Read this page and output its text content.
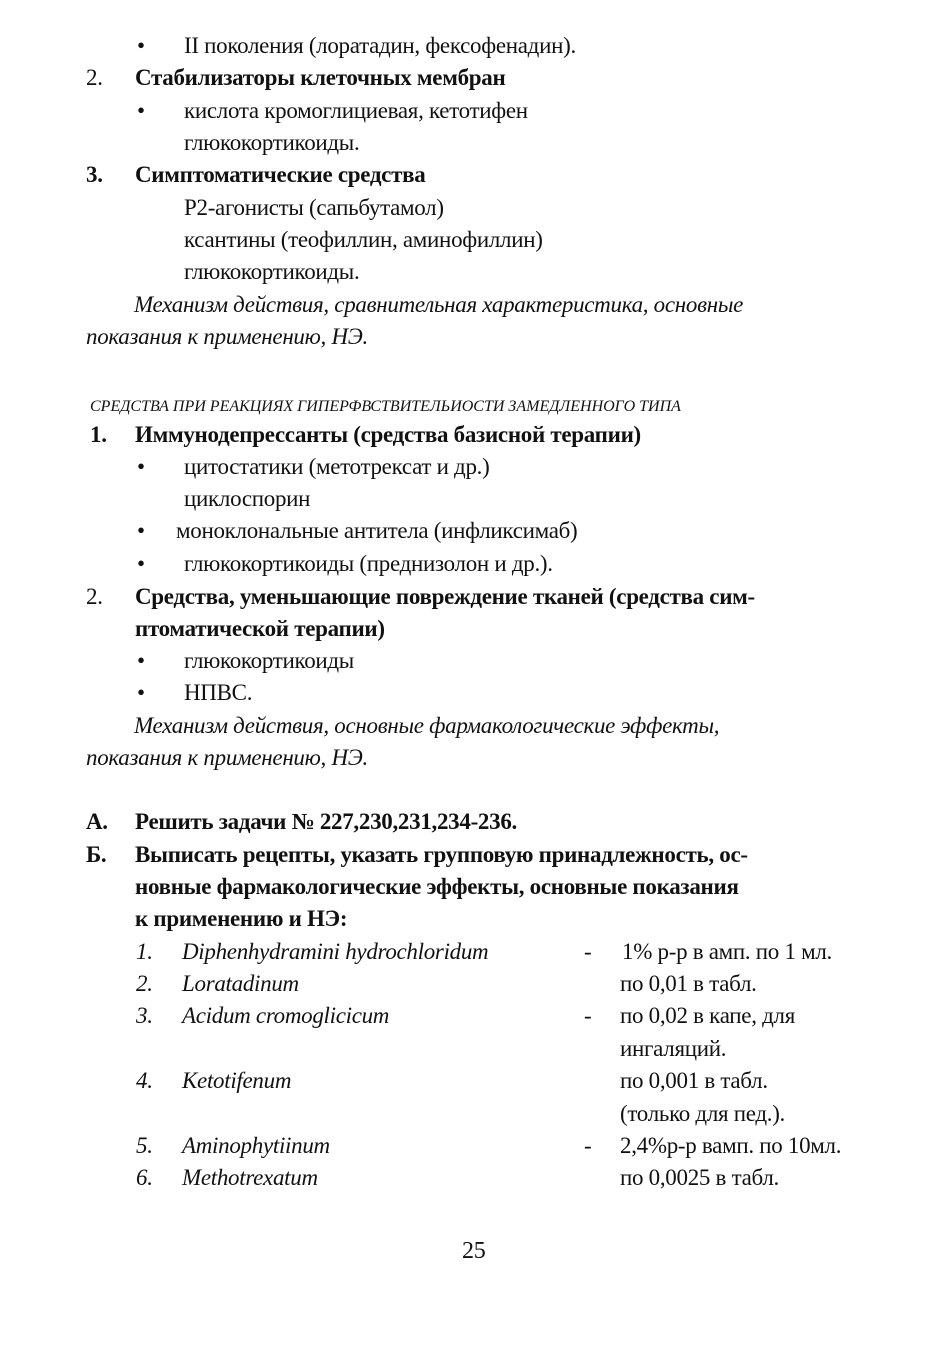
• II поколения (лоратадин, фексофенадин).
2. Стабилизаторы клеточных мембран
• кислота кромоглициевая, кетотифен
глюкокортикоиды.
3. Симптоматические средства
Р2-агонисты (сапьбутамол)
ксантины (теофиллин, аминофиллин)
глюкокортикоиды.
Механизм действия, сравнительная характеристика, основные
показания к применению, НЭ.
СРЕДСТВА ПРИ РЕАКЦИЯХ ГИПЕРФВСТВИТЕЛЬИОСТИ ЗАМЕДЛЕННОГО ТИПА
1. Иммунодепрессанты (средства базисной терапии)
• цитостатики (метотрексат и др.)
циклоспорин
• моноклональные антитела (инфликсимаб)
• глюкокортикоиды (преднизолон и др.).
2. Средства, уменьшающие повреждение тканей (средства сим-
птоматической терапии)
• глюкокортикоиды
• НПВС.
Механизм действия, основные фармакологические эффекты,
показания к применению, НЭ.
А. Решить задачи № 227,230,231,234-236.
Б. Выписать рецепты, указать групповую принадлежность, ос-
новные фармакологические эффекты, основные показания
к применению и НЭ:
1. Diphenhydramini hydrochloridum	- 1% р-р в амп. по 1 мл.
2. Loratadinum	по 0,01 в табл.
3. Acidum cromoglicicum	- по 0,02 в капе, для
ингаляций.
4. Ketotifenum	по 0,001 в табл.
(только для пед.).
5. Aminophytiinum	- 2,4%р-р вамп. по 10мл.
6. Methotrexatum	по 0,0025 в табл.
25
